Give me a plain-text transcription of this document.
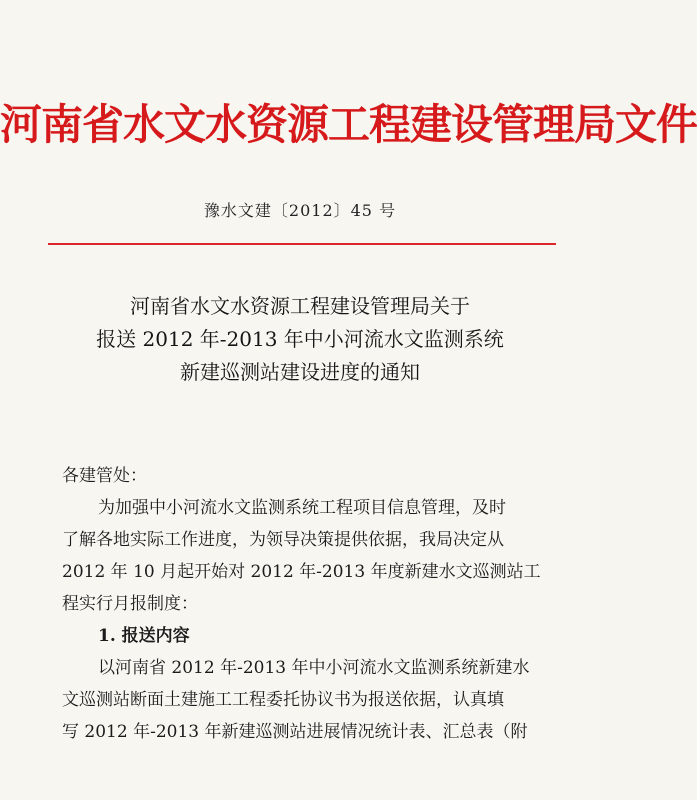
河南省水文水资源工程建设管理局文件
豫水文建〔2012〕45 号
河南省水文水资源工程建设管理局关于
报送 2012 年-2013 年中小河流水文监测系统
新建巡测站建设进度的通知

各建管处：

为加强中小河流水文监测系统工程项目信息管理，及时

了解各地实际工作进度，为领导决策提供依据，我局决定从

2012 年 10 月起开始对 2012 年-2013 年度新建水文巡测站工

程实行月报制度：

1. 报送内容

以河南省 2012 年-2013 年中小河流水文监测系统新建水

文巡测站断面土建施工工程委托协议书为报送依据，认真填

写 2012 年-2013 年新建巡测站进展情况统计表、汇总表（附
